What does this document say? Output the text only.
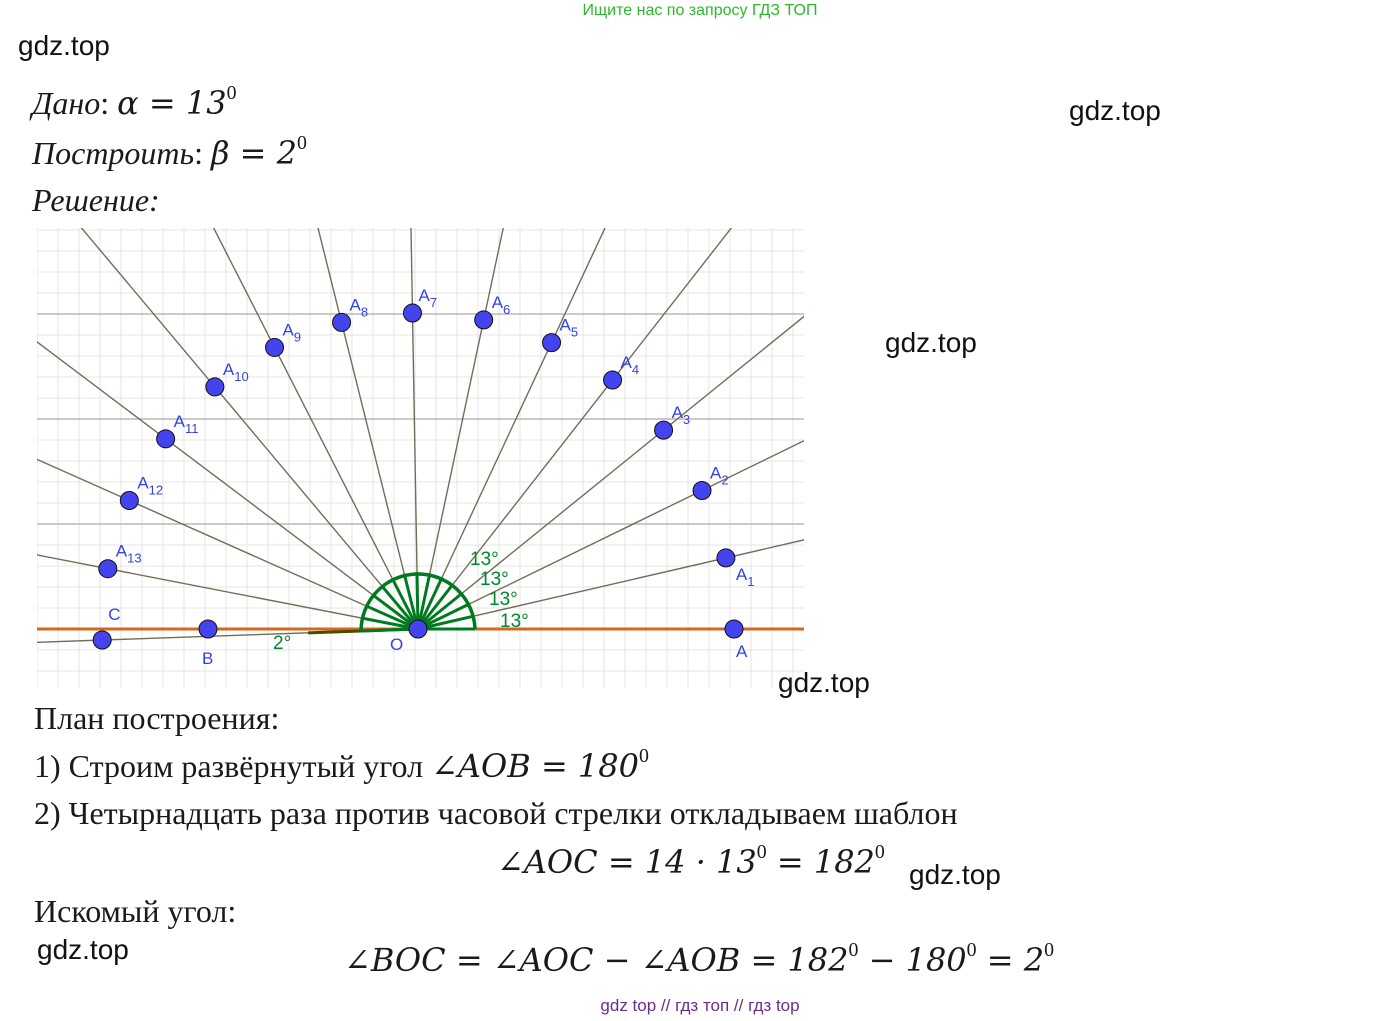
Ищите нас по запросу ГДЗ ТОП
gdz.top
gdz.top
gdz.top
gdz.top
gdz.top
gdz.top
Дано: $\alpha = 13^0$
Построить: $\beta = 2^0$
Решение:
O	A
C
B
$A_1$
$A_2$
$A_3$
$A_4$
$A_5$
$A_6$
$A_7$
$A_8$
$A_9$
$A_{10}$
$A_{11}$
$A_{12}$
$A_{13}$
13°
13°
13°
13°
2°
План построения:
1) Строим развёрнутый угол ∠AOB = $180^0$
2) Четырнадцать раза против часовой стрелки откладываем шаблон
∠AOC = $14 \cdot 13^0 = 182^0$
Искомый угол:
∠BOC = ∠AOC − ∠AOB = $182^0 - 180^0 = 2^0$
gdz top // гдз топ // гдз top
